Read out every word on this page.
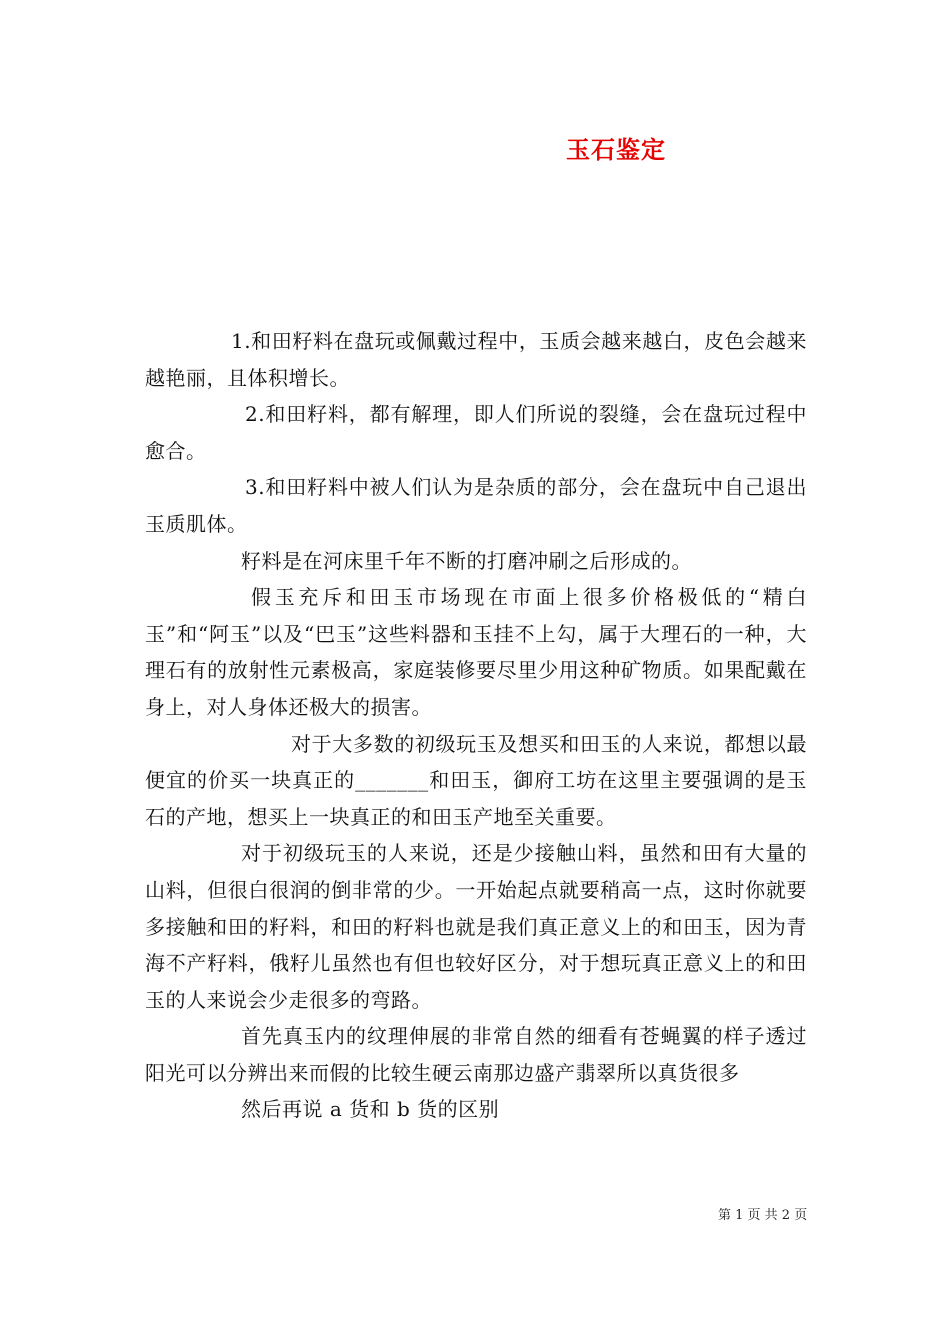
玉石鉴定

1.和田籽料在盘玩或佩戴过程中，玉质会越来越白，皮色会越来越艳丽，且体积增长。

2.和田籽料，都有解理，即人们所说的裂缝，会在盘玩过程中愈合。

3.和田籽料中被人们认为是杂质的部分，会在盘玩中自己退出玉质肌体。

籽料是在河床里千年不断的打磨冲刷之后形成的。

假玉充斥和田玉市场现在市面上很多价格极低的“精白玉”和“阿玉”以及“巴玉”这些料器和玉挂不上勾，属于大理石的一种，大理石有的放射性元素极高，家庭装修要尽里少用这种矿物质。如果配戴在身上，对人身体还极大的损害。

对于大多数的初级玩玉及想买和田玉的人来说，都想以最便宜的价买一块真正的_______和田玉，御府工坊在这里主要强调的是玉石的产地，想买上一块真正的和田玉产地至关重要。

对于初级玩玉的人来说，还是少接触山料，虽然和田有大量的山料，但很白很润的倒非常的少。一开始起点就要稍高一点，这时你就要多接触和田的籽料，和田的籽料也就是我们真正意义上的和田玉，因为青海不产籽料，俄籽儿虽然也有但也较好区分，对于想玩真正意义上的和田玉的人来说会少走很多的弯路。

首先真玉内的纹理伸展的非常自然的细看有苍蝇翼的样子透过阳光可以分辨出来而假的比较生硬云南那边盛产翡翠所以真货很多

然后再说 a 货和 b 货的区别

第 1 页 共 2 页
